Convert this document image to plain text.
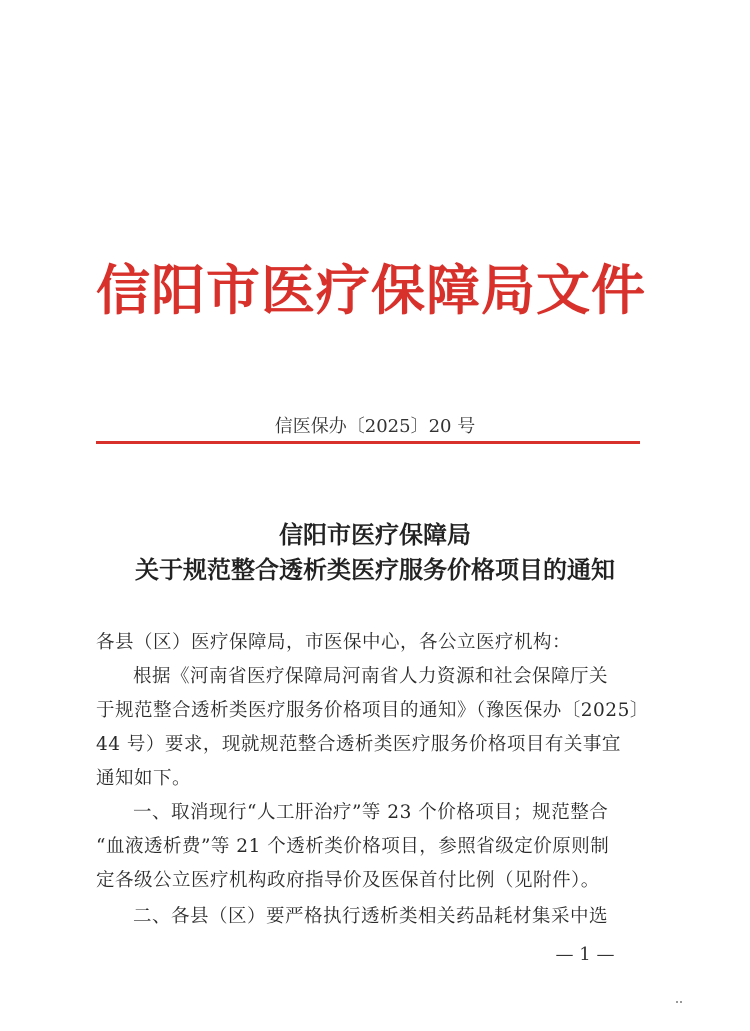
信阳市医疗保障局文件
信医保办〔2025〕20 号
信阳市医疗保障局
关于规范整合透析类医疗服务价格项目的通知
各县（区）医疗保障局，市医保中心，各公立医疗机构：
根据《河南省医疗保障局河南省人力资源和社会保障厅关
于规范整合透析类医疗服务价格项目的通知》（豫医保办〔2025〕
44 号）要求，现就规范整合透析类医疗服务价格项目有关事宜
通知如下。
一、取消现行“人工肝治疗”等 23 个价格项目；规范整合
“血液透析费”等 21 个透析类价格项目，参照省级定价原则制
定各级公立医疗机构政府指导价及医保首付比例（见附件）。
二、各县（区）要严格执行透析类相关药品耗材集采中选
— 1 —
